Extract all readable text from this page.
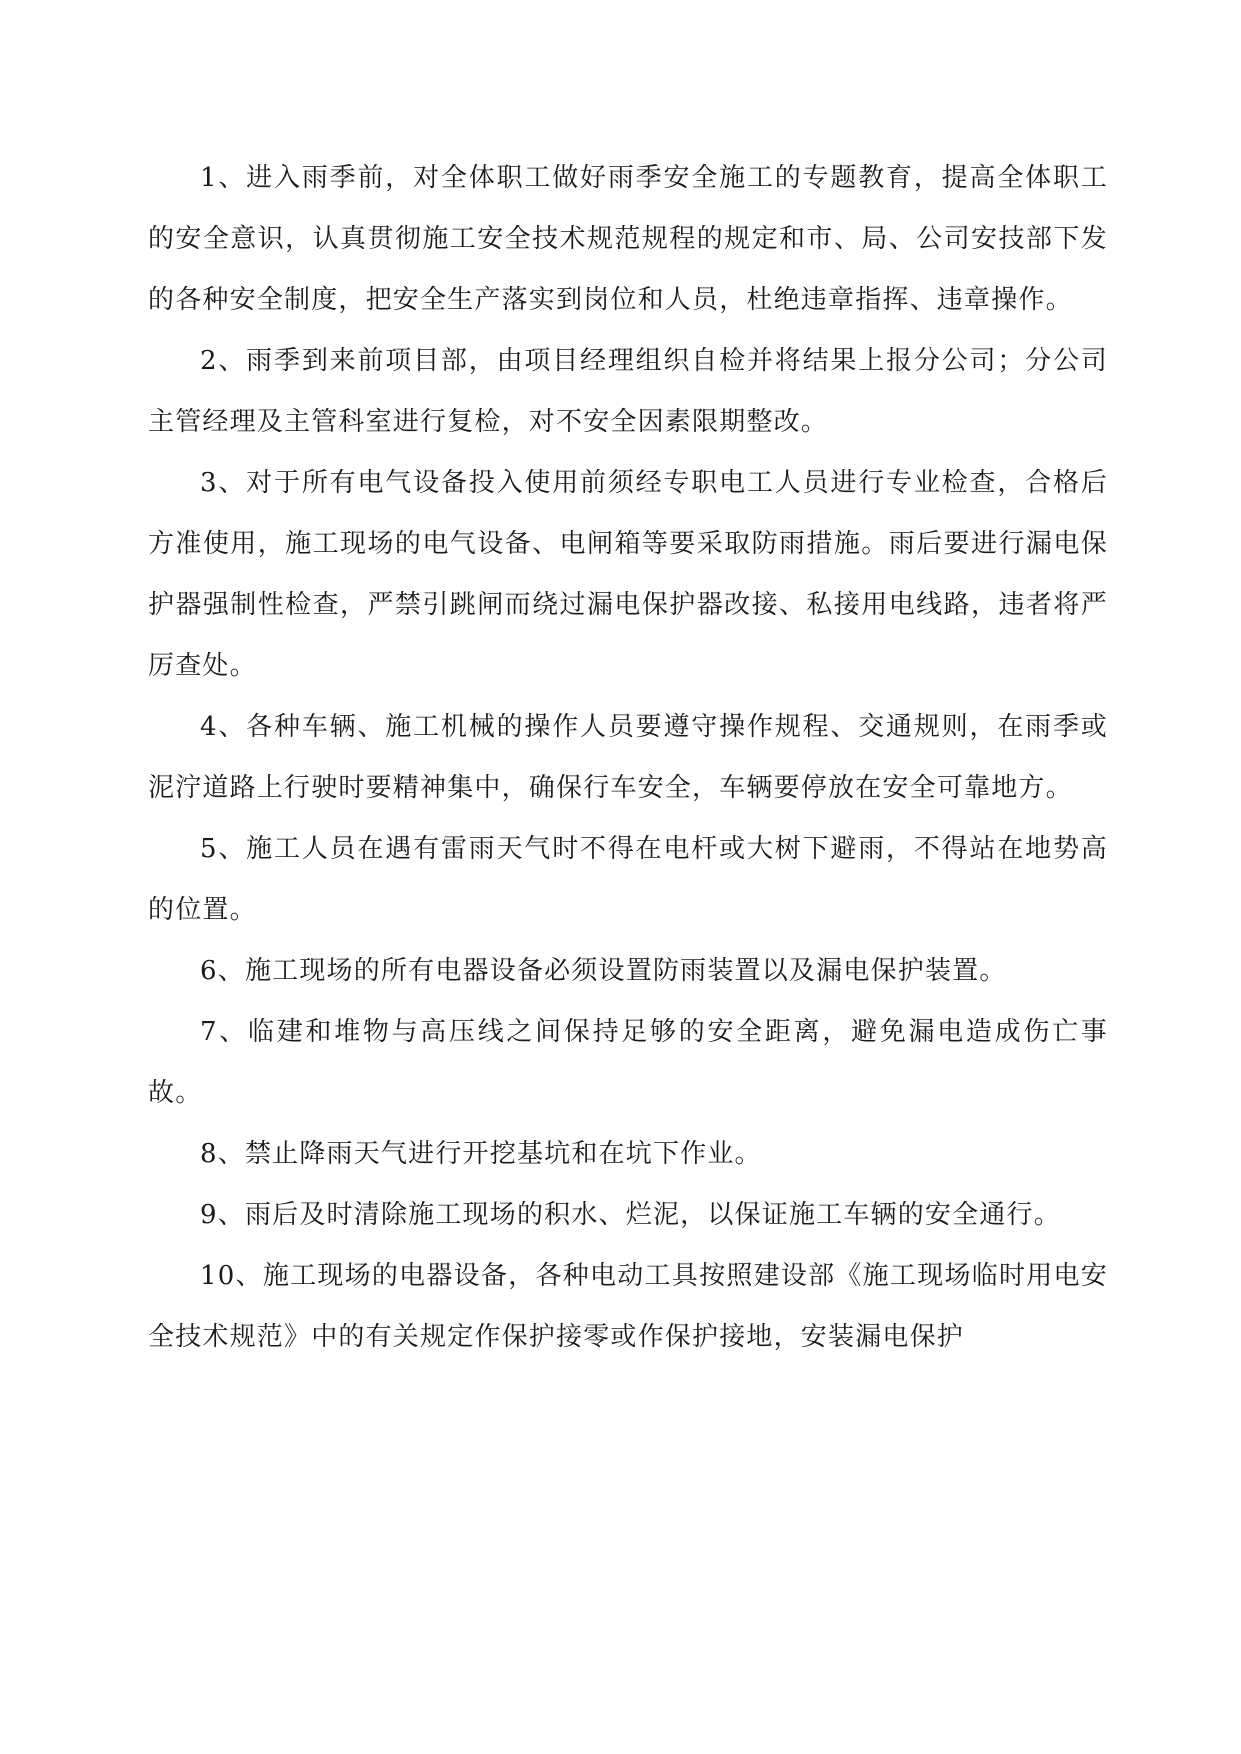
1、进入雨季前，对全体职工做好雨季安全施工的专题教育，提高全体职工的安全意识，认真贯彻施工安全技术规范规程的规定和市、局、公司安技部下发的各种安全制度，把安全生产落实到岗位和人员，杜绝违章指挥、违章操作。

2、雨季到来前项目部，由项目经理组织自检并将结果上报分公司；分公司主管经理及主管科室进行复检，对不安全因素限期整改。

3、对于所有电气设备投入使用前须经专职电工人员进行专业检查，合格后方准使用，施工现场的电气设备、电闸箱等要采取防雨措施。雨后要进行漏电保护器强制性检查，严禁引跳闸而绕过漏电保护器改接、私接用电线路，违者将严厉查处。

4、各种车辆、施工机械的操作人员要遵守操作规程、交通规则，在雨季或泥泞道路上行驶时要精神集中，确保行车安全，车辆要停放在安全可靠地方。

5、施工人员在遇有雷雨天气时不得在电杆或大树下避雨，不得站在地势高的位置。

6、施工现场的所有电器设备必须设置防雨装置以及漏电保护装置。

7、临建和堆物与高压线之间保持足够的安全距离，避免漏电造成伤亡事故。

8、禁止降雨天气进行开挖基坑和在坑下作业。

9、雨后及时清除施工现场的积水、烂泥，以保证施工车辆的安全通行。

10、施工现场的电器设备，各种电动工具按照建设部《施工现场临时用电安全技术规范》中的有关规定作保护接零或作保护接地，安装漏电保护
